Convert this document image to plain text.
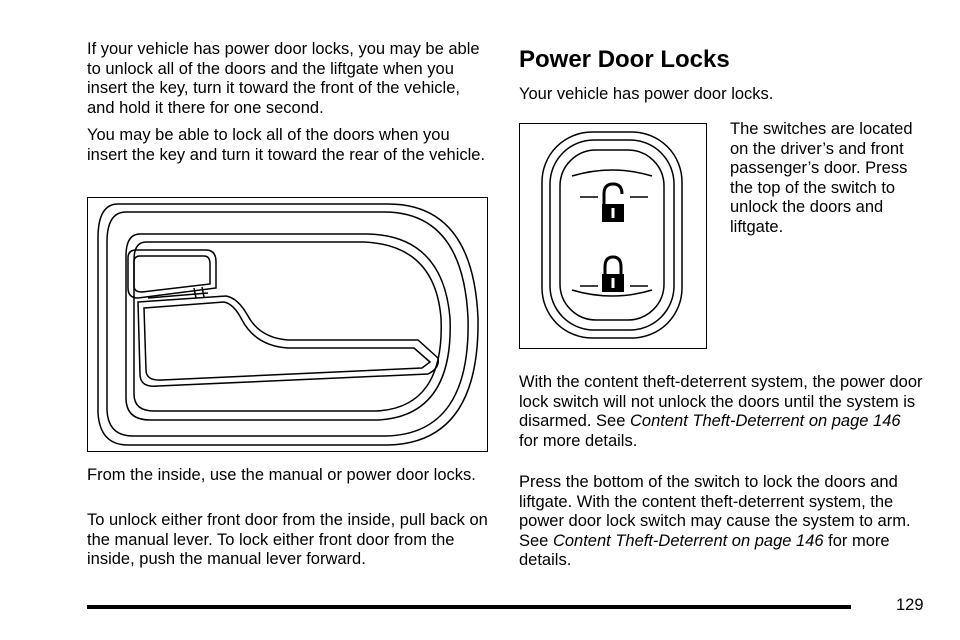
If your vehicle has power door locks, you may be able to unlock all of the doors and the liftgate when you insert the key, turn it toward the front of the vehicle, and hold it there for one second.

You may be able to lock all of the doors when you insert the key and turn it toward the rear of the vehicle.

From the inside, use the manual or power door locks.

To unlock either front door from the inside, pull back on the manual lever. To lock either front door from the inside, push the manual lever forward.

Power Door Locks

Your vehicle has power door locks.

The switches are located on the driver’s and front passenger’s door. Press the top of the switch to unlock the doors and liftgate.

With the content theft-deterrent system, the power door lock switch will not unlock the doors until the system is disarmed. See Content Theft-Deterrent on page 146 for more details.

Press the bottom of the switch to lock the doors and liftgate. With the content theft-deterrent system, the power door lock switch may cause the system to arm. See Content Theft-Deterrent on page 146 for more details.

129
